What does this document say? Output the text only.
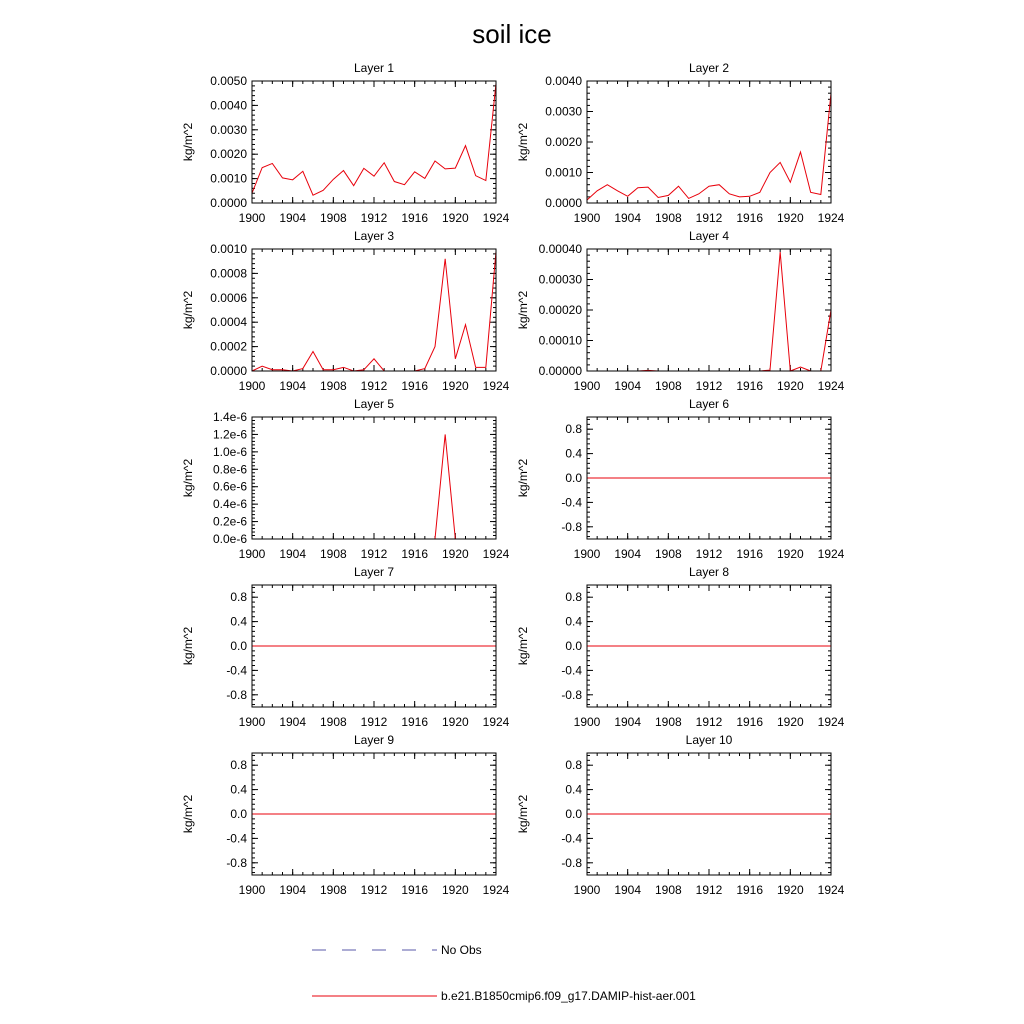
soil ice
Layer 1
kg/m^2
1900 1904 1908 1912 1916 1920 1924
0.0000
0.0010
0.0020
0.0030
0.0040
0.0050
Layer 2
kg/m^2
1900 1904 1908 1912 1916 1920 1924
0.0000
0.0010
0.0020
0.0030
0.0040
Layer 3
kg/m^2
1900 1904 1908 1912 1916 1920 1924
0.0000
0.0002
0.0004
0.0006
0.0008
0.0010
Layer 4
kg/m^2
1900 1904 1908 1912 1916 1920 1924
0.00000
0.00010
0.00020
0.00030
0.00040
Layer 5
kg/m^2
1900 1904 1908 1912 1916 1920 1924
0.0e-6
0.2e-6
0.4e-6
0.6e-6
0.8e-6
1.0e-6
1.2e-6
1.4e-6
Layer 6
kg/m^2
1900 1904 1908 1912 1916 1920 1924
-0.8
-0.4
0.0
0.4
0.8
Layer 7
kg/m^2
1900 1904 1908 1912 1916 1920 1924
-0.8
-0.4
0.0
0.4
0.8
Layer 8
kg/m^2
1900 1904 1908 1912 1916 1920 1924
-0.8
-0.4
0.0
0.4
0.8
Layer 9
kg/m^2
1900 1904 1908 1912 1916 1920 1924
-0.8
-0.4
0.0
0.4
0.8
Layer 10
kg/m^2
1900 1904 1908 1912 1916 1920 1924
-0.8
-0.4
0.0
0.4
0.8
No Obs
b.e21.B1850cmip6.f09_g17.DAMIP-hist-aer.001
